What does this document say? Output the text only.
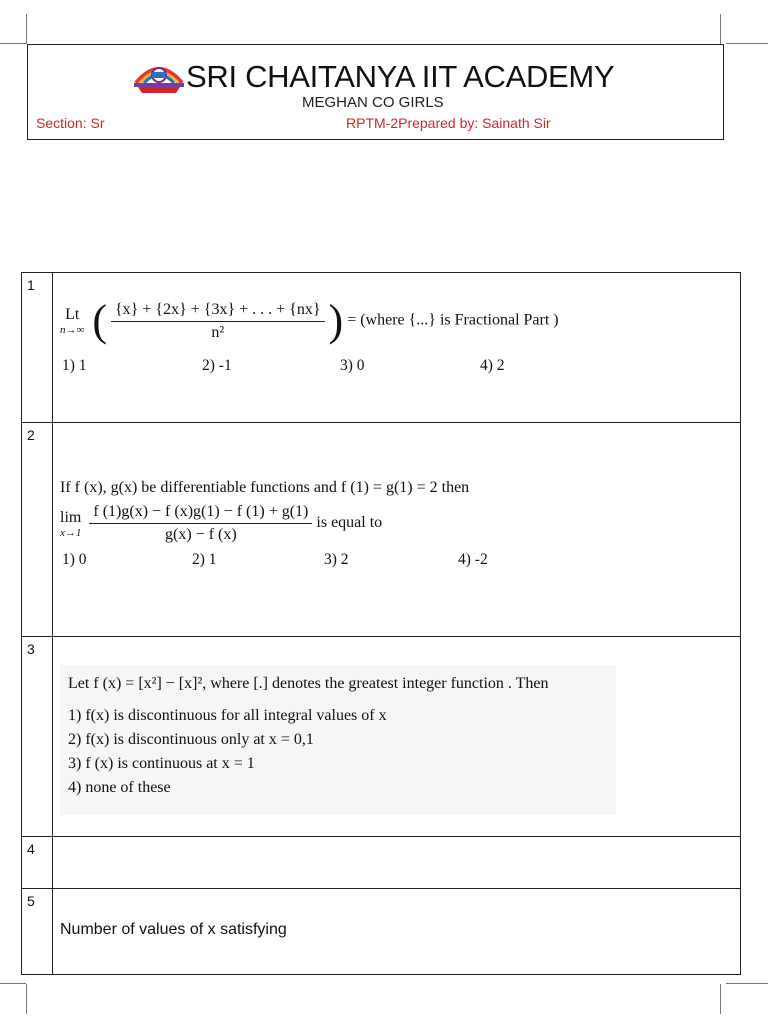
SRI CHAITANYA IIT ACADEMY
MEGHAN CO GIRLS
Section: Sr	RPTM-2Prepared by: Sainath Sir
1
Lt
n→∞ ( $\frac{\{x\} + \{2x\} + \{3x\} + . . . + \{nx\}}{\text{n²}}$ ) = (where {...} is Fractional Part )
1) 1	2) -1	3) 0	4) 2
2
If f (x), g(x) be differentiable functions and f (1) = g(1) = 2 then
lim
x→1
$\frac{f (1)g(x) - f (x)g(1) - f (1) + g(1)}{g(x) - f (x)}$ is equal to
1) 0	2) 1	3) 2	4) -2
3
Let f (x) = [x²] − [x]², where [.] denotes the greatest integer function . Then
1) f(x) is discontinuous for all integral values of x
2) f(x) is discontinuous only at x = 0,1
3) f (x) is continuous at x = 1
4) none of these
4
5
Number of values of x satisfying
